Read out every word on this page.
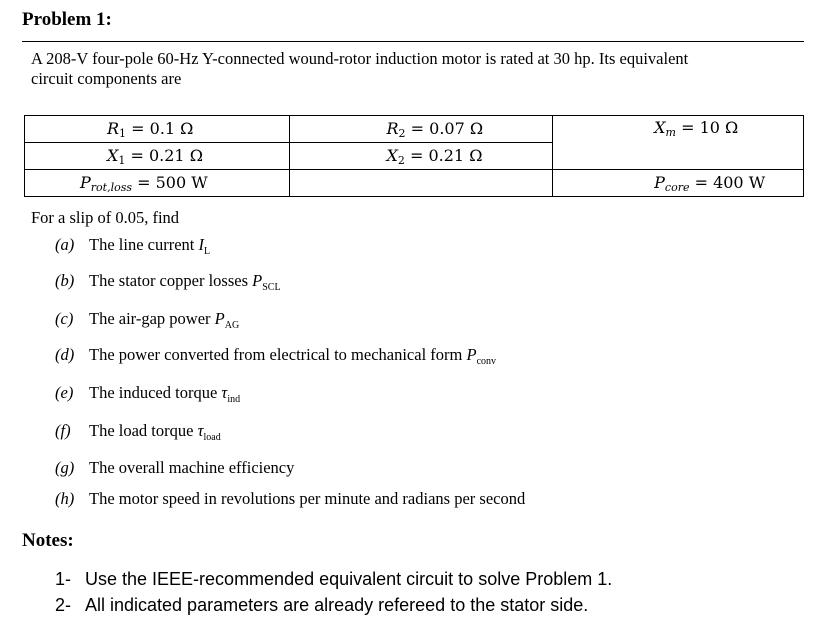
Problem 1:
A 208-V four-pole 60-Hz Y-connected wound-rotor induction motor is rated at 30 hp. Its equivalent
circuit components are
$R_1 = 0.1$ Ω	$R_2 = 0.07$ Ω	$X_m = 10$ Ω

$X_1 = 0.21$ Ω	$X_2 = 0.21$ Ω	

$P_{rot,loss} = 500$ W		$P_{core} = 400$ W
For a slip of 0.05, find
(a) The line current $I_L$
(b) The stator copper losses $P_{SCL}$
(c) The air-gap power $P_{AG}$
(d) The power converted from electrical to mechanical form $P_{conv}$
(e) The induced torque $\tau_{ind}$
(f) The load torque $\tau_{load}$
(g) The overall machine efficiency
(h) The motor speed in revolutions per minute and radians per second
Notes:
1- Use the IEEE-recommended equivalent circuit to solve Problem 1.
2- All indicated parameters are already refereed to the stator side.
